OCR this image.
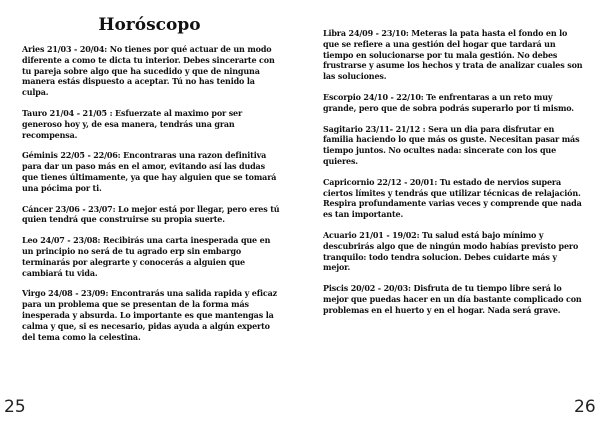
Horóscopo

Aries 21/03 - 20/04: No tienes por qué actuar de un modo diferente a como te dicta tu interior. Debes sincerarte con tu pareja sobre algo que ha sucedido y que de ninguna manera estás dispuesto a aceptar. Tú no has tenido la culpa.

Tauro 21/04 - 21/05 : Esfuerzate al maximo por ser generoso hoy y, de esa manera, tendrás una gran recompensa.

Géminis 22/05 - 22/06: Encontraras una razon definitiva para dar un paso más en el amor, evitando así las dudas que tienes últimamente, ya que hay alguien que se tomará una pócima por ti.

Cáncer 23/06 - 23/07: Lo mejor está por llegar, pero eres tú quien tendrá que construirse su propia suerte.

Leo 24/07 - 23/08: Recibirás una carta inesperada que en un principio no será de tu agrado erp sin embargo terminarás por alegrarte y conocerás a alguien que cambiará tu vida.

Virgo 24/08 - 23/09: Encontrarás una salida rapida y eficaz para un problema que se presentan de la forma más inesperada y absurda. Lo importante es que mantengas la calma y que, si es necesario, pidas ayuda a algún experto del tema como la celestina.

Libra 24/09 - 23/10: Meteras la pata hasta el fondo en lo que se refiere a una gestión del hogar que tardará un tiempo en solucionarse por tu mala gestión. No debes frustrarse y asume los hechos y trata de analizar cuales son las soluciones.

Escorpio 24/10 - 22/10: Te enfrentaras a un reto muy grande, pero que de sobra podrás superarlo por ti mismo.

Sagitario 23/11- 21/12 : Sera un dia para disfrutar en familia haciendo lo que más os guste. Necesitan pasar más tiempo juntos. No ocultes nada: sincerate con los que quieres.

Capricornio 22/12 - 20/01: Tu estado de nervios supera ciertos límites y tendrás que utilizar técnicas de relajación. Respira profundamente varias veces y comprende que nada es tan importante.

Acuario 21/01 - 19/02: Tu salud está bajo mínimo y descubrirás algo que de ningún modo habías previsto pero tranquilo: todo tendra solucion. Debes cuidarte más y mejor.

Piscis 20/02 - 20/03: Disfruta de tu tiempo libre será lo mejor que puedas hacer en un día bastante complicado con problemas en el huerto y en el hogar. Nada será grave.

25	26
